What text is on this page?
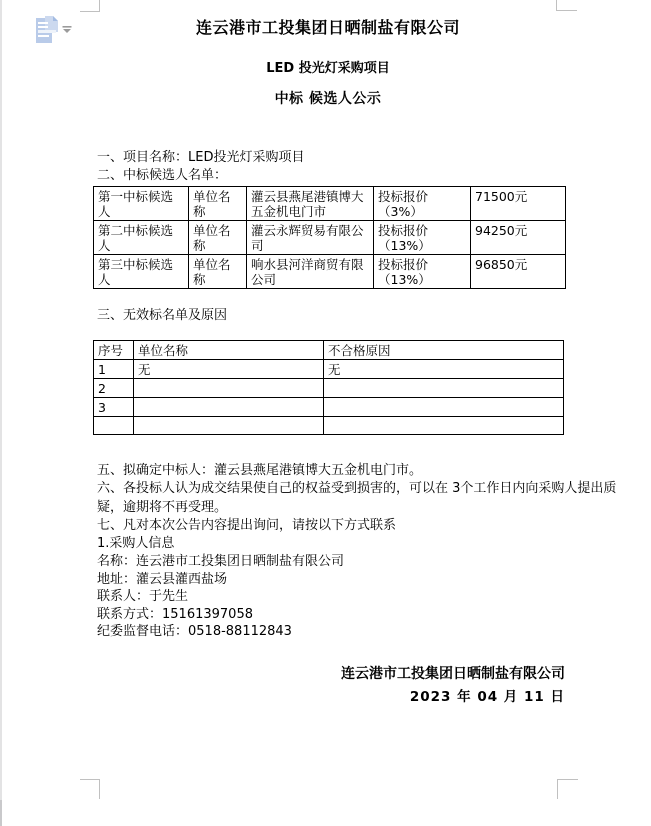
连云港市工投集团日晒制盐有限公司
LED 投光灯采购项目
中标 候选人公示
一、项目名称：LED投光灯采购项目
二、中标候选人名单：
第一中标候选人	单位名称	灌云县燕尾港镇博大五金机电门市	投标报价（3%）	71500元
第二中标候选人	单位名称	灌云永辉贸易有限公司	投标报价（13%）	94250元
第三中标候选人	单位名称	响水县河洋商贸有限公司	投标报价（13%）	96850元
三、无效标名单及原因
序号	单位名称	不合格原因
1	无	无
2		
3		

五、拟确定中标人：灌云县燕尾港镇博大五金机电门市。
六、各投标人认为成交结果使自己的权益受到损害的，可以在 3个工作日内向采购人提出质
疑，逾期将不再受理。
七、凡对本次公告内容提出询问，请按以下方式联系
1.采购人信息
名称：连云港市工投集团日晒制盐有限公司
地址：灌云县灌西盐场
联系人：于先生
联系方式：15161397058
纪委监督电话：0518-88112843
连云港市工投集团日晒制盐有限公司
2023 年 04 月 11 日
